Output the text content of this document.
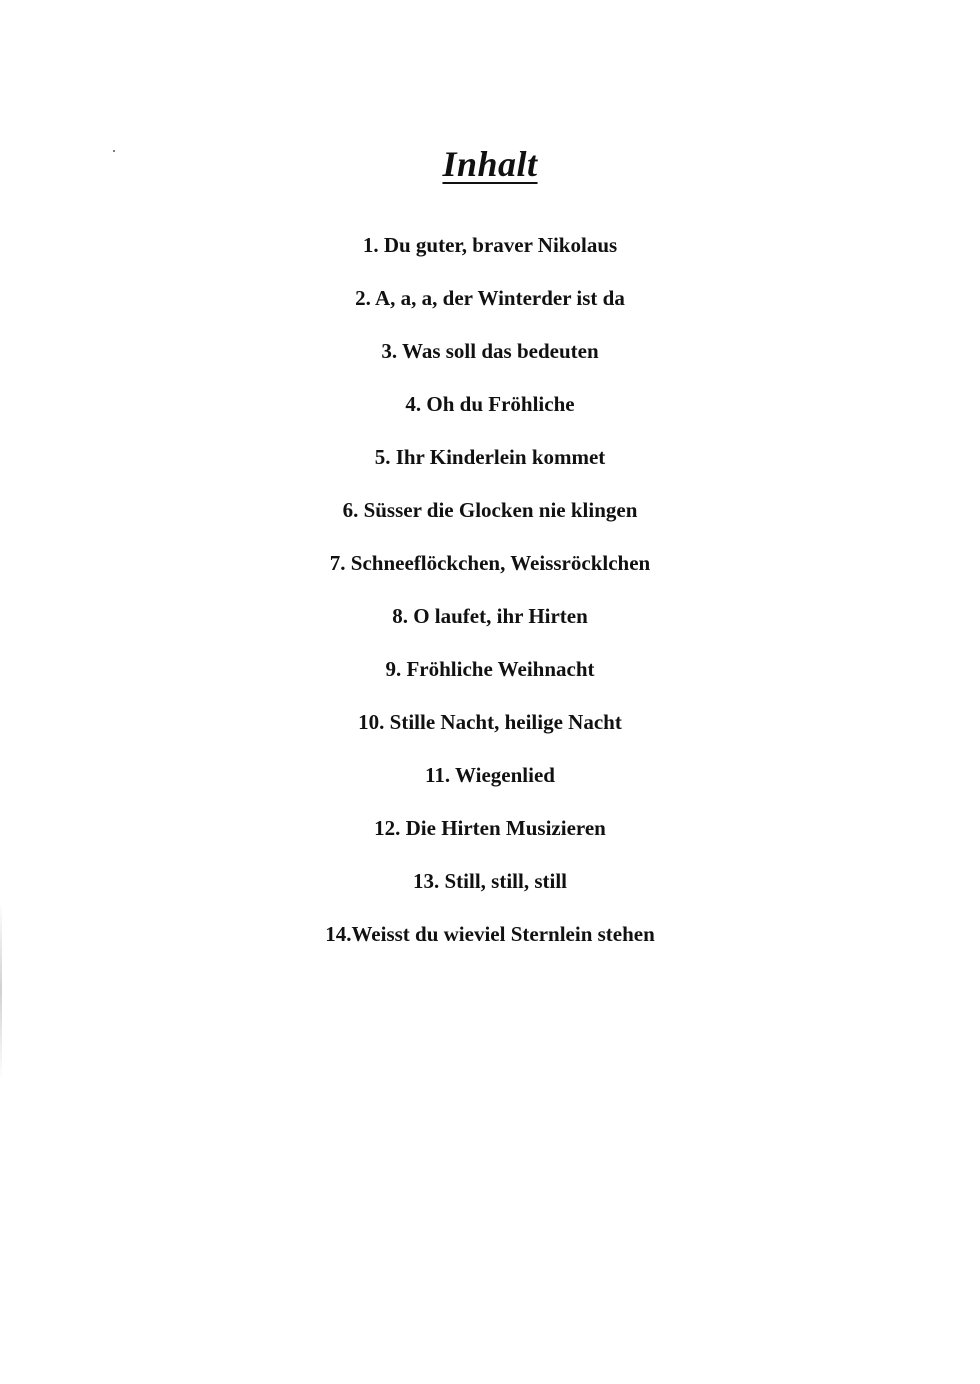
Inhalt
1. Du guter, braver Nikolaus
2. A, a, a, der Winterder ist da
3. Was soll das bedeuten
4. Oh du Fröhliche
5. Ihr Kinderlein kommet
6. Süsser die Glocken nie klingen
7. Schneeflöckchen, Weissröcklchen
8. O laufet, ihr Hirten
9. Fröhliche Weihnacht
10. Stille Nacht, heilige Nacht
11. Wiegenlied
12. Die Hirten Musizieren
13. Still, still, still
14.Weisst du wieviel Sternlein stehen
